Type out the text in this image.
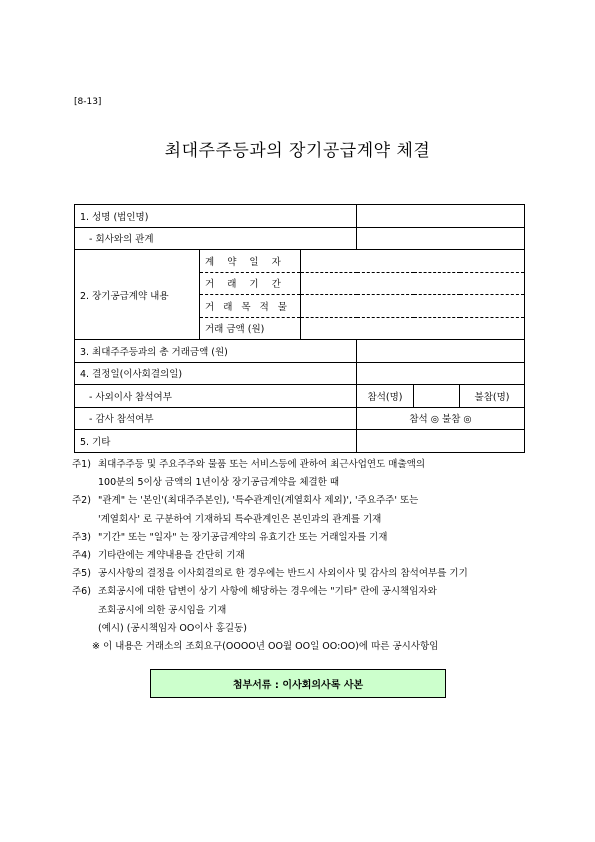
[8-13]
최대주주등과의 장기공급계약 체결
1. 성명 (법인명)					
- 회사와의 관계					
2. 장기공급계약 내용	계 약 일 자				
	거 래 기 간				
	거 래 목 적 물				
	거래 금액 (원)				
3. 최대주주등과의 총 거래금액 (원)					
4. 결정일(이사회결의일)					
- 사외이사 참석여부			참석(명)		불참(명)
- 감사 참석여부			참석 ◎ 불참 ◎		
5. 기타					
주1) 최대주주등 및 주요주주와 물품 또는 서비스등에 관하여 최근사업연도 매출액의
100분의 5이상 금액의 1년이상 장기공급계약을 체결한 때
주2) "관계" 는 '본인'(최대주주본인), '특수관계인(계열회사 제외)', '주요주주' 또는
'계열회사' 로 구분하여 기재하되 특수관계인은 본인과의 관계를 기재
주3) "기간" 또는 "일자" 는 장기공급계약의 유효기간 또는 거래일자를 기재
주4) 기타란에는 계약내용을 간단히 기재
주5) 공시사항의 결정을 이사회결의로 한 경우에는 반드시 사외이사 및 감사의 참석여부를 기기
주6) 조회공시에 대한 답변이 상기 사항에 해당하는 경우에는 "기타" 란에 공시책임자와
조회공시에 의한 공시임을 기재
(예시) (공시책임자 OO이사 홍길동)
※ 이 내용은 거래소의 조회요구(OOOO년 OO월 OO일 OO:OO)에 따른 공시사항임
첨부서류 : 이사회의사록 사본
